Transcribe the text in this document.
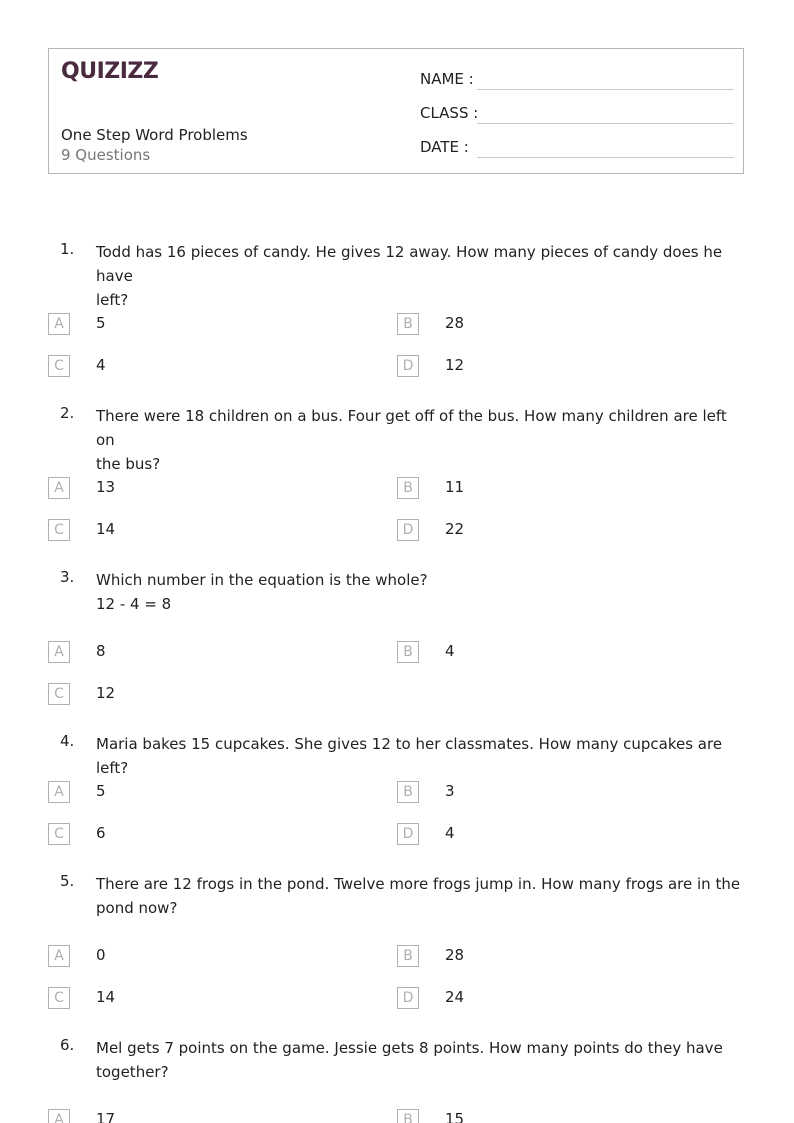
QUIZIZZ
One Step Word Problems
9 Questions
NAME :
CLASS :
DATE :
1. Todd has 16 pieces of candy. He gives 12 away. How many pieces of candy does he have
left?
A	5	B	28
C	4	D	12
2. There were 18 children on a bus. Four get off of the bus. How many children are left on
the bus?
A	13	B	11
C	14	D	22
3. Which number in the equation is the whole?
12 - 4 = 8
A	8	B	4
C	12
4. Maria bakes 15 cupcakes. She gives 12 to her classmates. How many cupcakes are left?
A	5	B	3
C	6	D	4
5. There are 12 frogs in the pond. Twelve more frogs jump in. How many frogs are in the
pond now?
A	0	B	28
C	14	D	24
6. Mel gets 7 points on the game. Jessie gets 8 points. How many points do they have
together?
A	17	B	15
